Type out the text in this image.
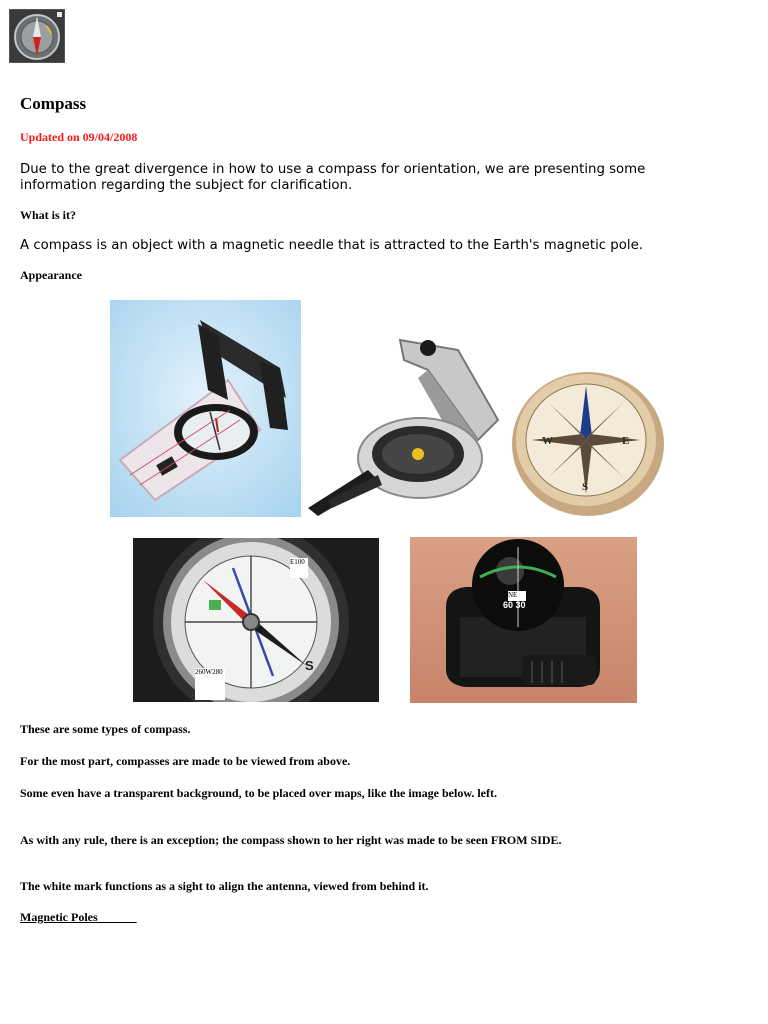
Compass
Updated on 09/04/2008

Due to the great divergence in how to use a compass for orientation, we are presenting some information regarding the subject for clarification.

What is it?

A compass is an object with a magnetic needle that is attracted to the Earth's magnetic pole.

Appearance
W	E
S
S
E100
260W280
NE
60 30

These are some types of compass.

For the most part, compasses are made to be viewed from above.

Some even have a transparent background, to be placed over maps, like the image below. left.

As with any rule, there is an exception; the compass shown to her right was made to be seen FROM SIDE.

The white mark functions as a sight to align the antenna, viewed from behind it.

Magnetic Poles
